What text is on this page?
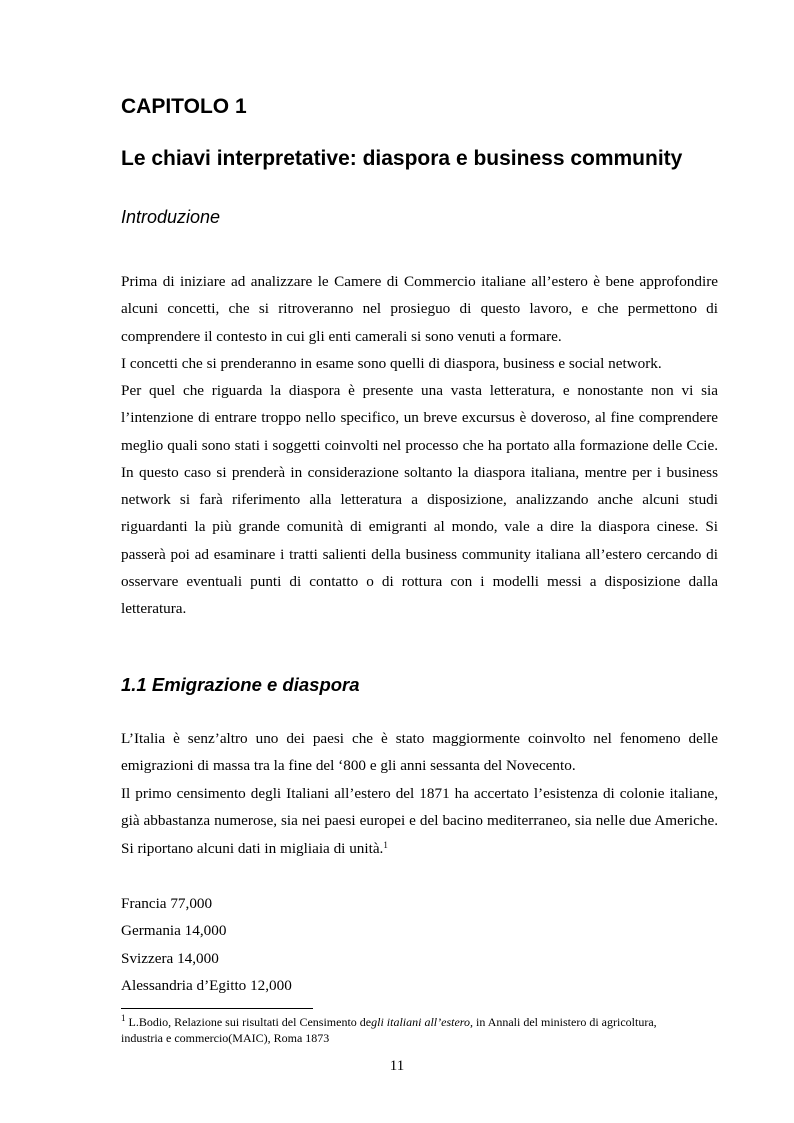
CAPITOLO 1
Le chiavi interpretative: diaspora e business community
Introduzione

Prima di iniziare ad analizzare le Camere di Commercio italiane all’estero è bene approfondire alcuni concetti, che si ritroveranno nel prosieguo di questo lavoro, e che permettono di comprendere il contesto in cui gli enti camerali si sono venuti a formare.

I concetti che si prenderanno in esame sono quelli di diaspora, business e social network.

Per quel che riguarda la diaspora è presente una vasta letteratura, e nonostante non vi sia l’intenzione di entrare troppo nello specifico, un breve excursus è doveroso, al fine comprendere meglio quali sono stati i soggetti coinvolti nel processo che ha portato alla formazione delle Ccie. In questo caso si prenderà in considerazione soltanto la diaspora italiana, mentre per i business network si farà riferimento alla letteratura a disposizione, analizzando anche alcuni studi riguardanti la più grande comunità di emigranti al mondo, vale a dire la diaspora cinese. Si passerà poi ad esaminare i tratti salienti della business community italiana all’estero cercando di osservare eventuali punti di contatto o di rottura con i modelli messi a disposizione dalla letteratura.

1.1 Emigrazione e diaspora

L’Italia è senz’altro uno dei paesi che è stato maggiormente coinvolto nel fenomeno delle emigrazioni di massa tra la fine del ‘800 e gli anni sessanta del Novecento.

Il primo censimento degli Italiani all’estero del 1871 ha accertato l’esistenza di colonie italiane, già abbastanza numerose, sia nei paesi europei e del bacino mediterraneo, sia nelle due Americhe. Si riportano alcuni dati in migliaia di unità.$^1$

Francia 77,000
Germania 14,000
Svizzera 14,000
Alessandria d’Egitto 12,000

$^1$ L.Bodio, Relazione sui risultati del Censimento degli italiani all’estero, in Annali del ministero di agricoltura, industria e commercio(MAIC), Roma 1873

11
